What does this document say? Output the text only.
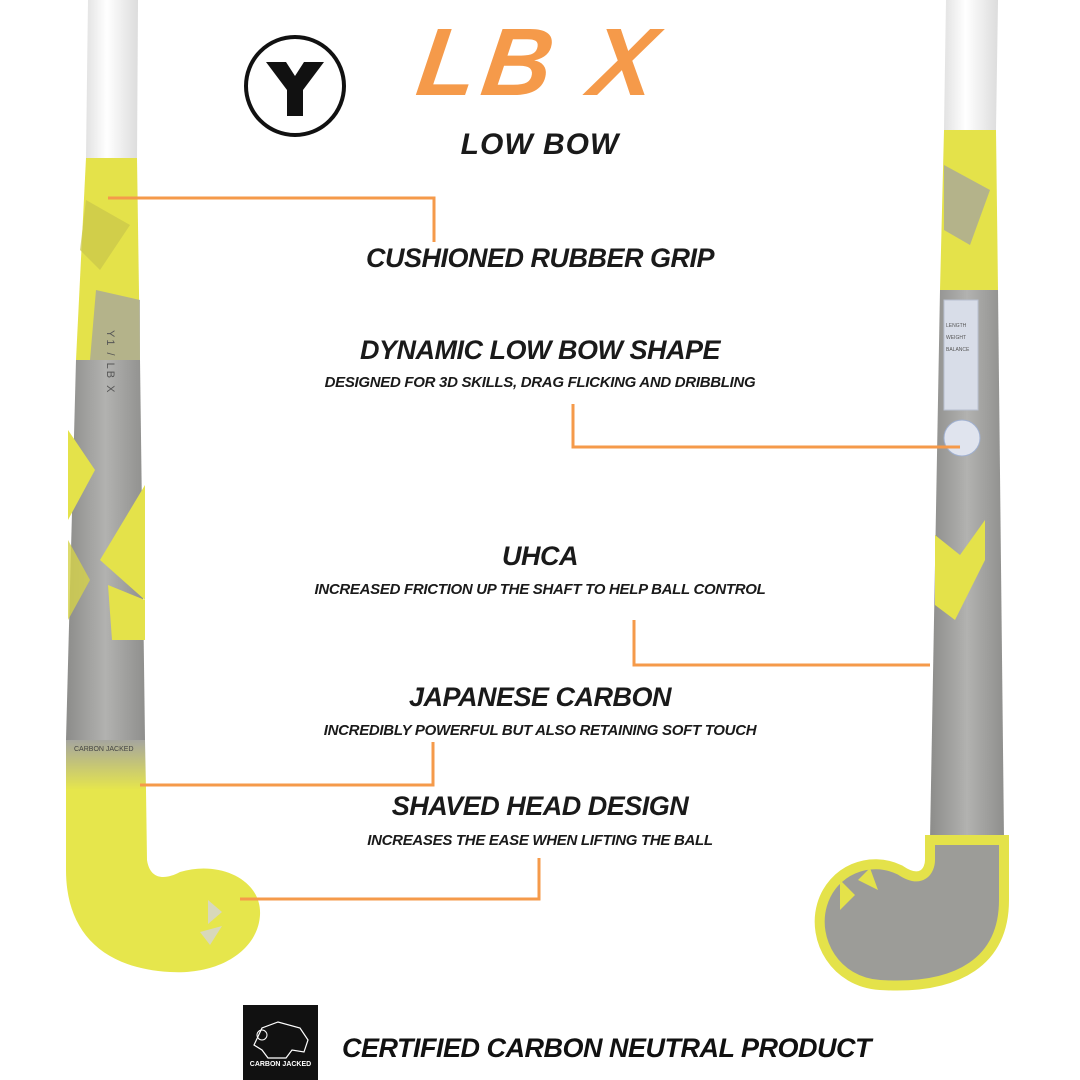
LB X
LOW BOW
CUSHIONED RUBBER GRIP
DYNAMIC LOW BOW SHAPE
DESIGNED FOR 3D SKILLS, DRAG FLICKING AND DRIBBLING
UHCA
INCREASED FRICTION UP THE SHAFT TO HELP BALL CONTROL
JAPANESE CARBON
INCREDIBLY POWERFUL BUT ALSO RETAINING SOFT TOUCH
SHAVED HEAD DESIGN
INCREASES THE EASE WHEN LIFTING THE BALL
Y1 / LB X
CARBON JACKED
CARBON JACKED
LENGTH
WEIGHT
BALANCE
CERTIFIED CARBON NEUTRAL PRODUCT
